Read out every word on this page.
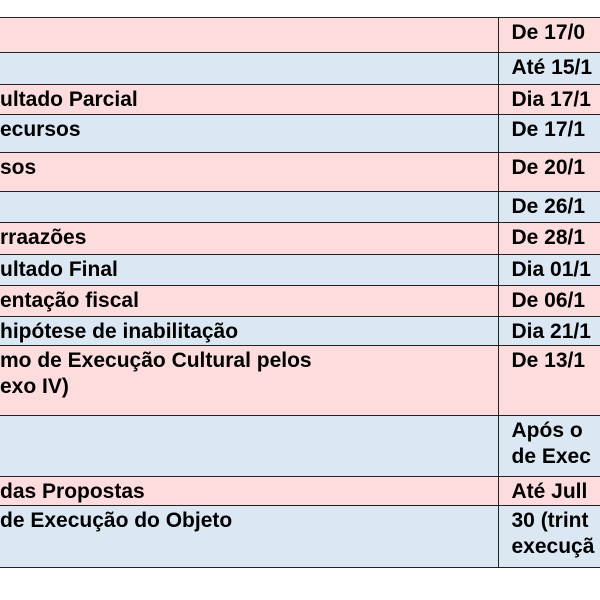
	De 17/0

	Até 15/1

ultado Parcial	Dia 17/1

ecursos	De 17/1

sos	De 20/1

	De 26/1

rraazões	De 28/1

ultado Final	Dia 01/1

entação fiscal	De 06/1

hipótese de inabilitação	Dia 21/1

mo de Execução Cultural pelos
exo IV)	De 13/1

	Após o
de Exec

das Propostas	Até Jull

de Execução do Objeto	30 (trint
execuçã
